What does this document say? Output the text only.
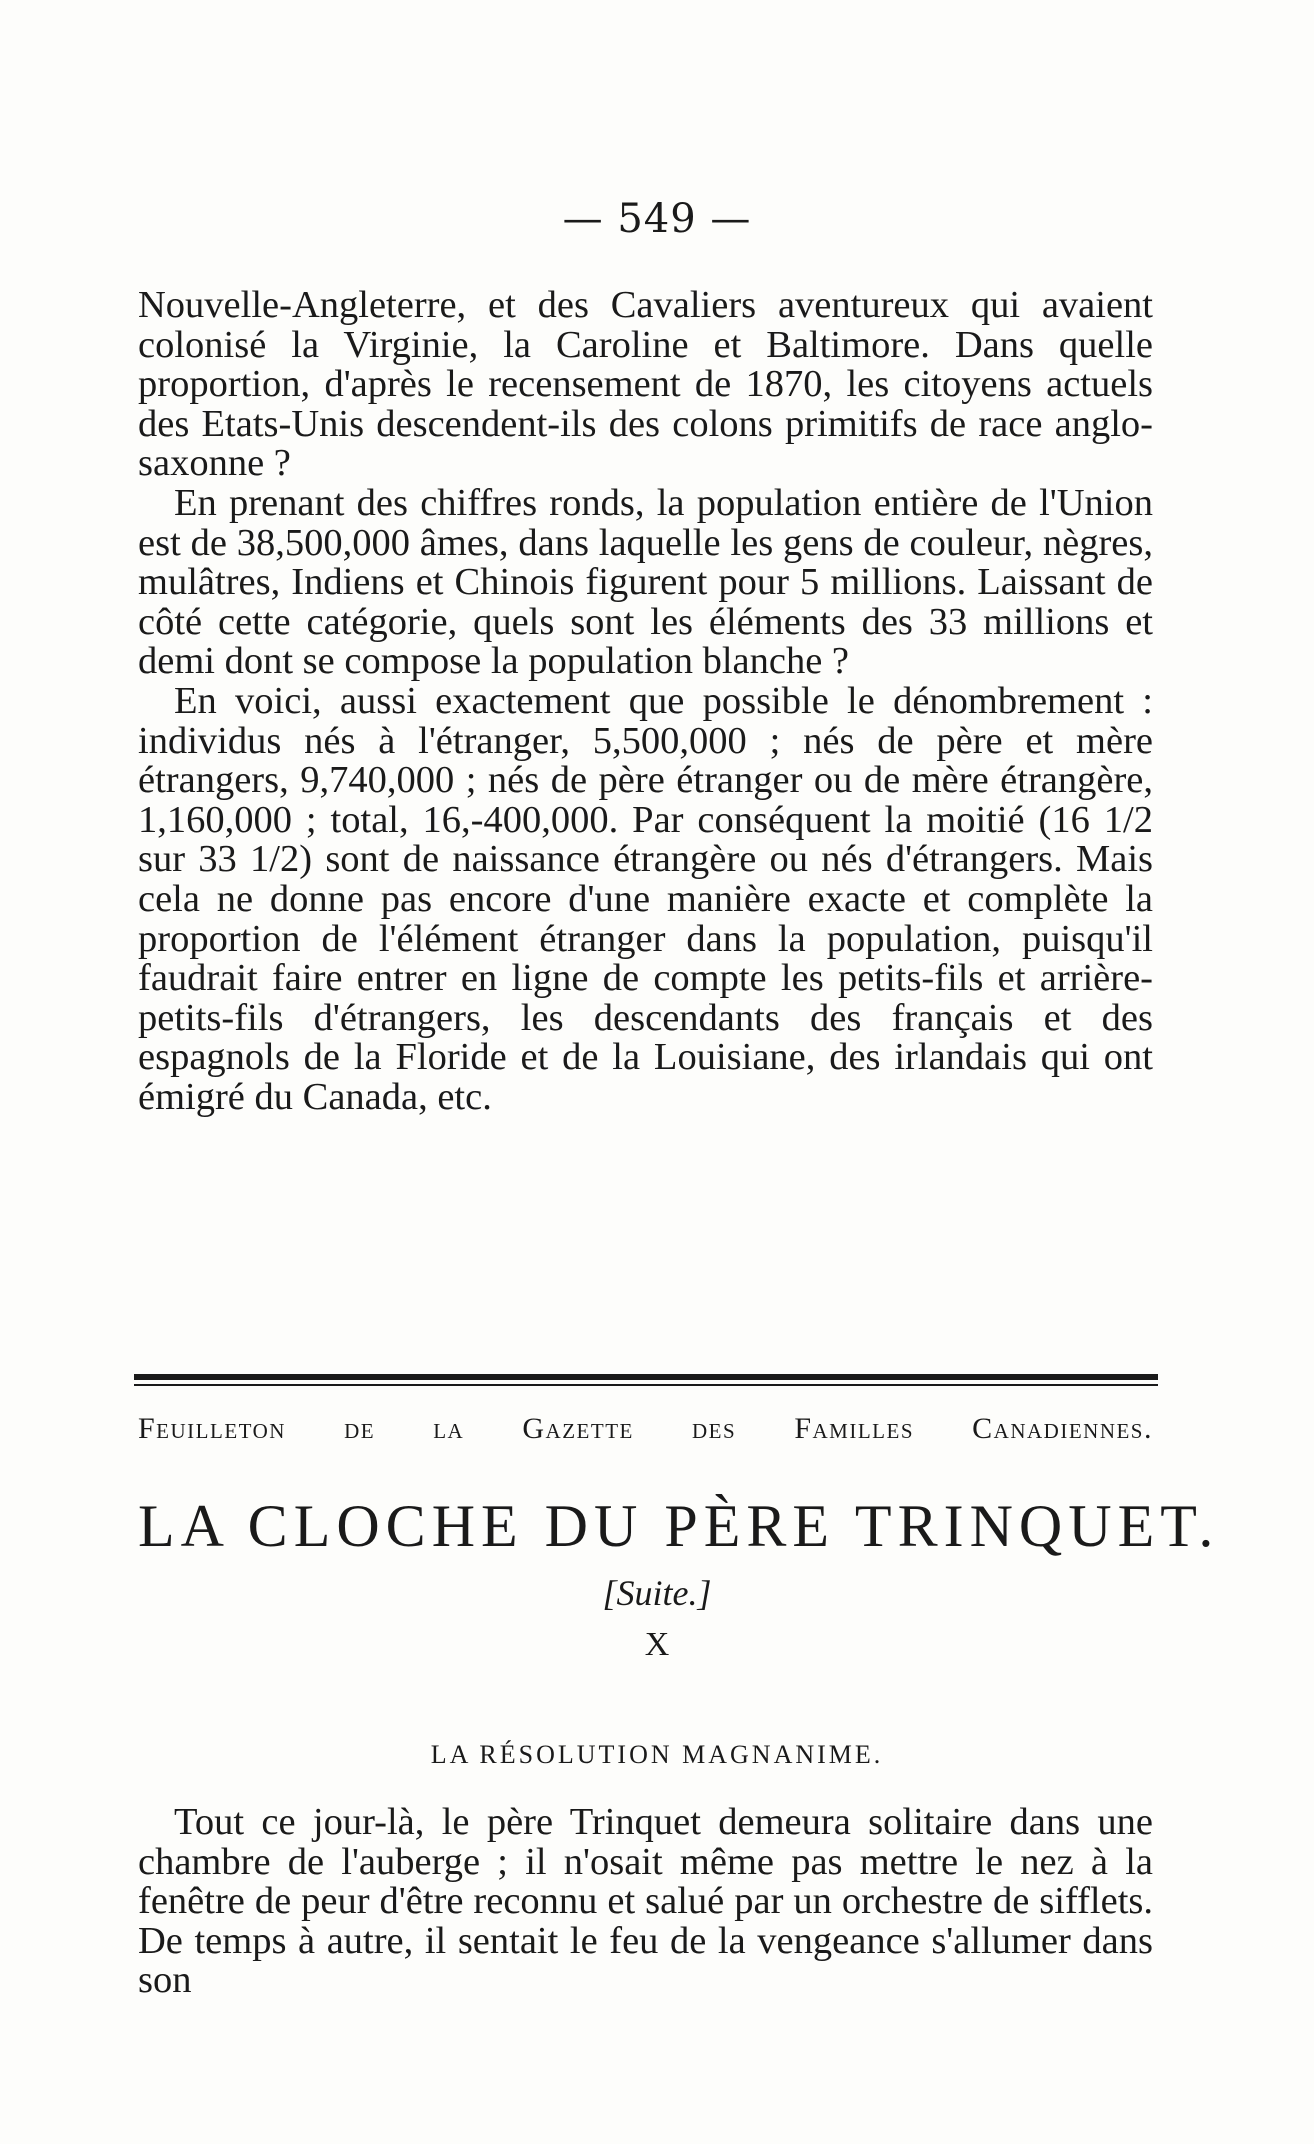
— 549 —

Nouvelle-Angleterre, et des Cavaliers aventureux qui avaient colonisé la Virginie, la Caroline et Baltimore. Dans quelle proportion, d'après le recensement de 1870, les citoyens actuels des Etats-Unis descendent-ils des colons primitifs de race anglo-saxonne ?

En prenant des chiffres ronds, la population entière de l'Union est de 38,500,000 âmes, dans laquelle les gens de couleur, nègres, mulâtres, Indiens et Chinois figurent pour 5 millions. Laissant de côté cette catégorie, quels sont les éléments des 33 millions et demi dont se compose la population blanche ?

En voici, aussi exactement que possible le dénombrement : individus nés à l'étranger, 5,500,000 ; nés de père et mère étrangers, 9,740,000 ; nés de père étranger ou de mère étrangère, 1,160,000 ; total, 16,-400,000. Par conséquent la moitié (16 1/2 sur 33 1/2) sont de naissance étrangère ou nés d'étrangers. Mais cela ne donne pas encore d'une manière exacte et complète la proportion de l'élément étranger dans la population, puisqu'il faudrait faire entrer en ligne de compte les petits-fils et arrière-petits-fils d'étrangers, les descendants des français et des espagnols de la Floride et de la Louisiane, des irlandais qui ont émigré du Canada, etc.

Feuilleton de la Gazette des Familles Canadiennes.
LA CLOCHE DU PÈRE TRINQUET.
[Suite.]
X
LA RÉSOLUTION MAGNANIME.

Tout ce jour-là, le père Trinquet demeura solitaire dans une chambre de l'auberge ; il n'osait même pas mettre le nez à la fenêtre de peur d'être reconnu et salué par un orchestre de sifflets. De temps à autre, il sentait le feu de la vengeance s'allumer dans son
